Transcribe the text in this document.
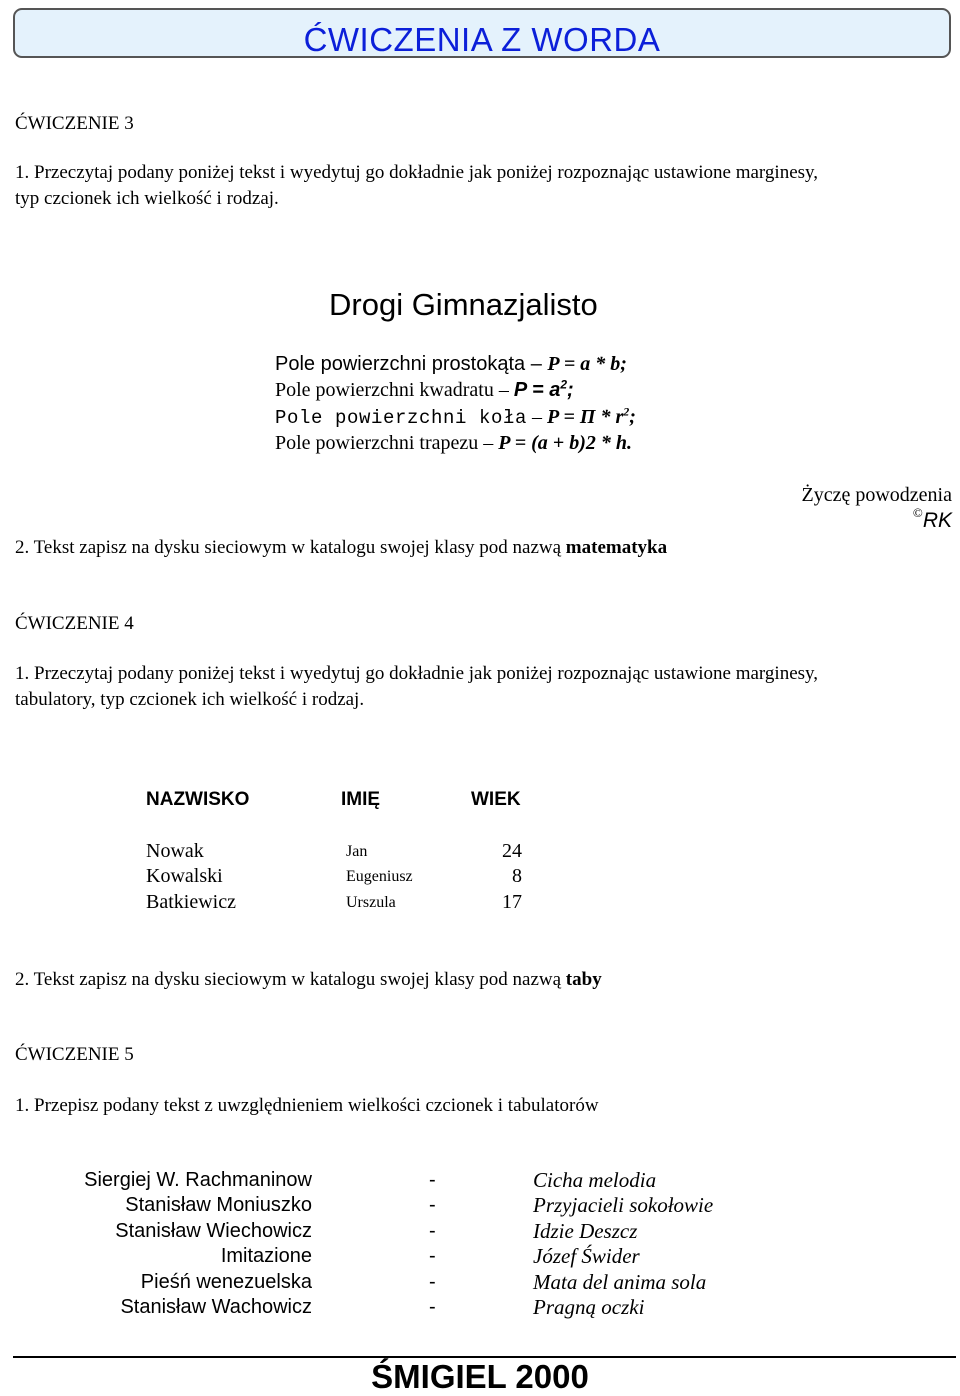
ĆWICZENIA Z WORDA
ĆWICZENIE 3
1. Przeczytaj podany poniżej tekst i wyedytuj go dokładnie jak poniżej rozpoznając ustawione marginesy,
typ czcionek ich wielkość i rodzaj.
Drogi Gimnazjalisto
Pole powierzchni prostokąta – P = a * b;
Pole powierzchni kwadratu – $P = a^2$;
Pole powierzchni koła – $P = \Pi * r^2$;
Pole powierzchni trapezu – P = (a + b)2 * h.
Życzę powodzenia
©RK
2. Tekst zapisz na dysku sieciowym w katalogu swojej klasy pod nazwą matematyka
ĆWICZENIE 4
1. Przeczytaj podany poniżej tekst i wyedytuj go dokładnie jak poniżej rozpoznając ustawione marginesy,
tabulatory, typ czcionek ich wielkość i rodzaj.
NAZWISKO	IMIĘ	WIEK
Nowak	Jan	24
Kowalski	Eugeniusz	8
Batkiewicz	Urszula	17
2. Tekst zapisz na dysku sieciowym w katalogu swojej klasy pod nazwą taby
ĆWICZENIE 5
1. Przepisz podany tekst z uwzględnieniem wielkości czcionek i tabulatorów
Siergiej W. Rachmaninow	-	Cicha melodia
Stanisław Moniuszko	-	Przyjacieli sokołowie
Stanisław Wiechowicz	-	Idzie Deszcz
Imitazione	-	Józef Świder
Pieśń wenezuelska	-	Mata del anima sola
Stanisław Wachowicz	-	Pragną oczki
ŚMIGIEL 2000
